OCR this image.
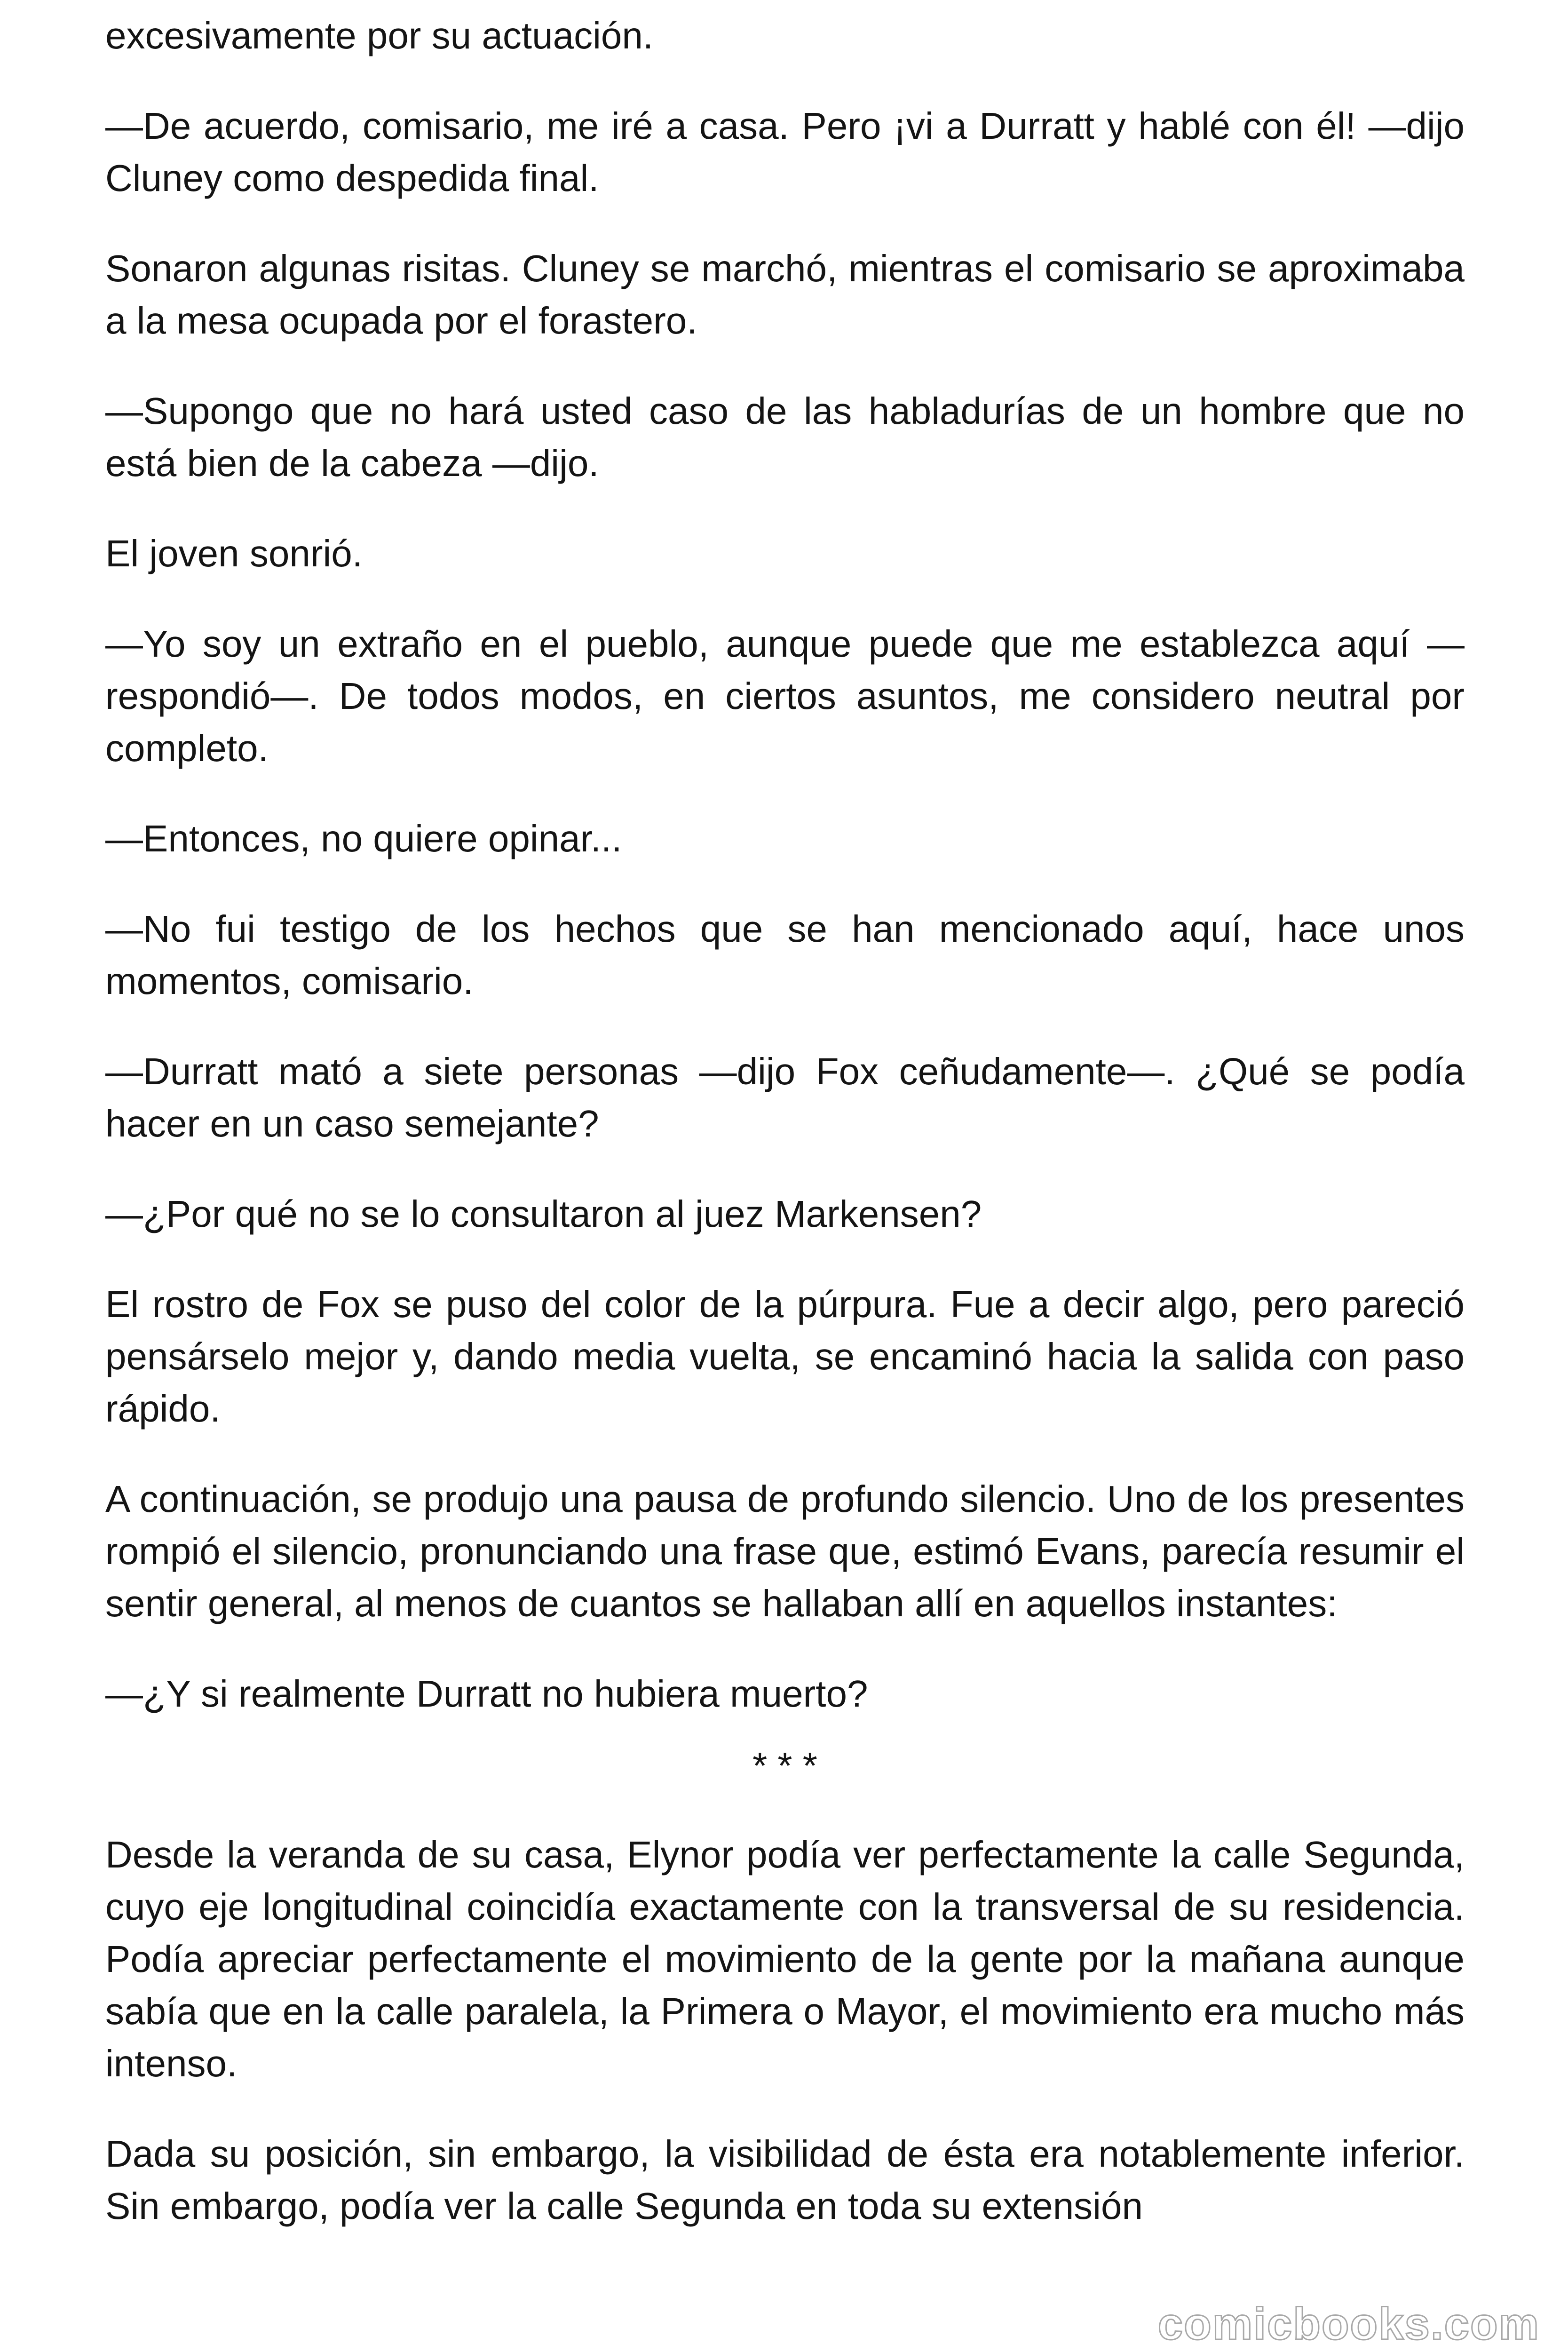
excesivamente por su actuación.

—De acuerdo, comisario, me iré a casa. Pero ¡vi a Durratt y hablé con él! —dijo Cluney como despedida final.

Sonaron algunas risitas. Cluney se marchó, mientras el comisario se aproximaba a la mesa ocupada por el forastero.

—Supongo que no hará usted caso de las habladurías de un hombre que no está bien de la cabeza —dijo.

El joven sonrió.

—Yo soy un extraño en el pueblo, aunque puede que me establezca aquí —respondió—. De todos modos, en ciertos asuntos, me considero neutral por completo.

—Entonces, no quiere opinar...

—No fui testigo de los hechos que se han mencionado aquí, hace unos momentos, comisario.

—Durratt mató a siete personas —dijo Fox ceñudamente—. ¿Qué se podía hacer en un caso semejante?

—¿Por qué no se lo consultaron al juez Markensen?

El rostro de Fox se puso del color de la púrpura. Fue a decir algo, pero pareció pensárselo mejor y, dando media vuelta, se encaminó hacia la salida con paso rápido.

A continuación, se produjo una pausa de profundo silencio. Uno de los presentes rompió el silencio, pronunciando una frase que, estimó Evans, parecía resumir el sentir general, al menos de cuantos se hallaban allí en aquellos instantes:

—¿Y si realmente Durratt no hubiera muerto?

* * *

Desde la veranda de su casa, Elynor podía ver perfectamente la calle Segunda, cuyo eje longitudinal coincidía exactamente con la transversal de su residencia. Podía apreciar perfectamente el movimiento de la gente por la mañana aunque sabía que en la calle paralela, la Primera o Mayor, el movimiento era mucho más intenso.

Dada su posición, sin embargo, la visibilidad de ésta era notablemente inferior. Sin embargo, podía ver la calle Segunda en toda su extensión

comicbooks.com
